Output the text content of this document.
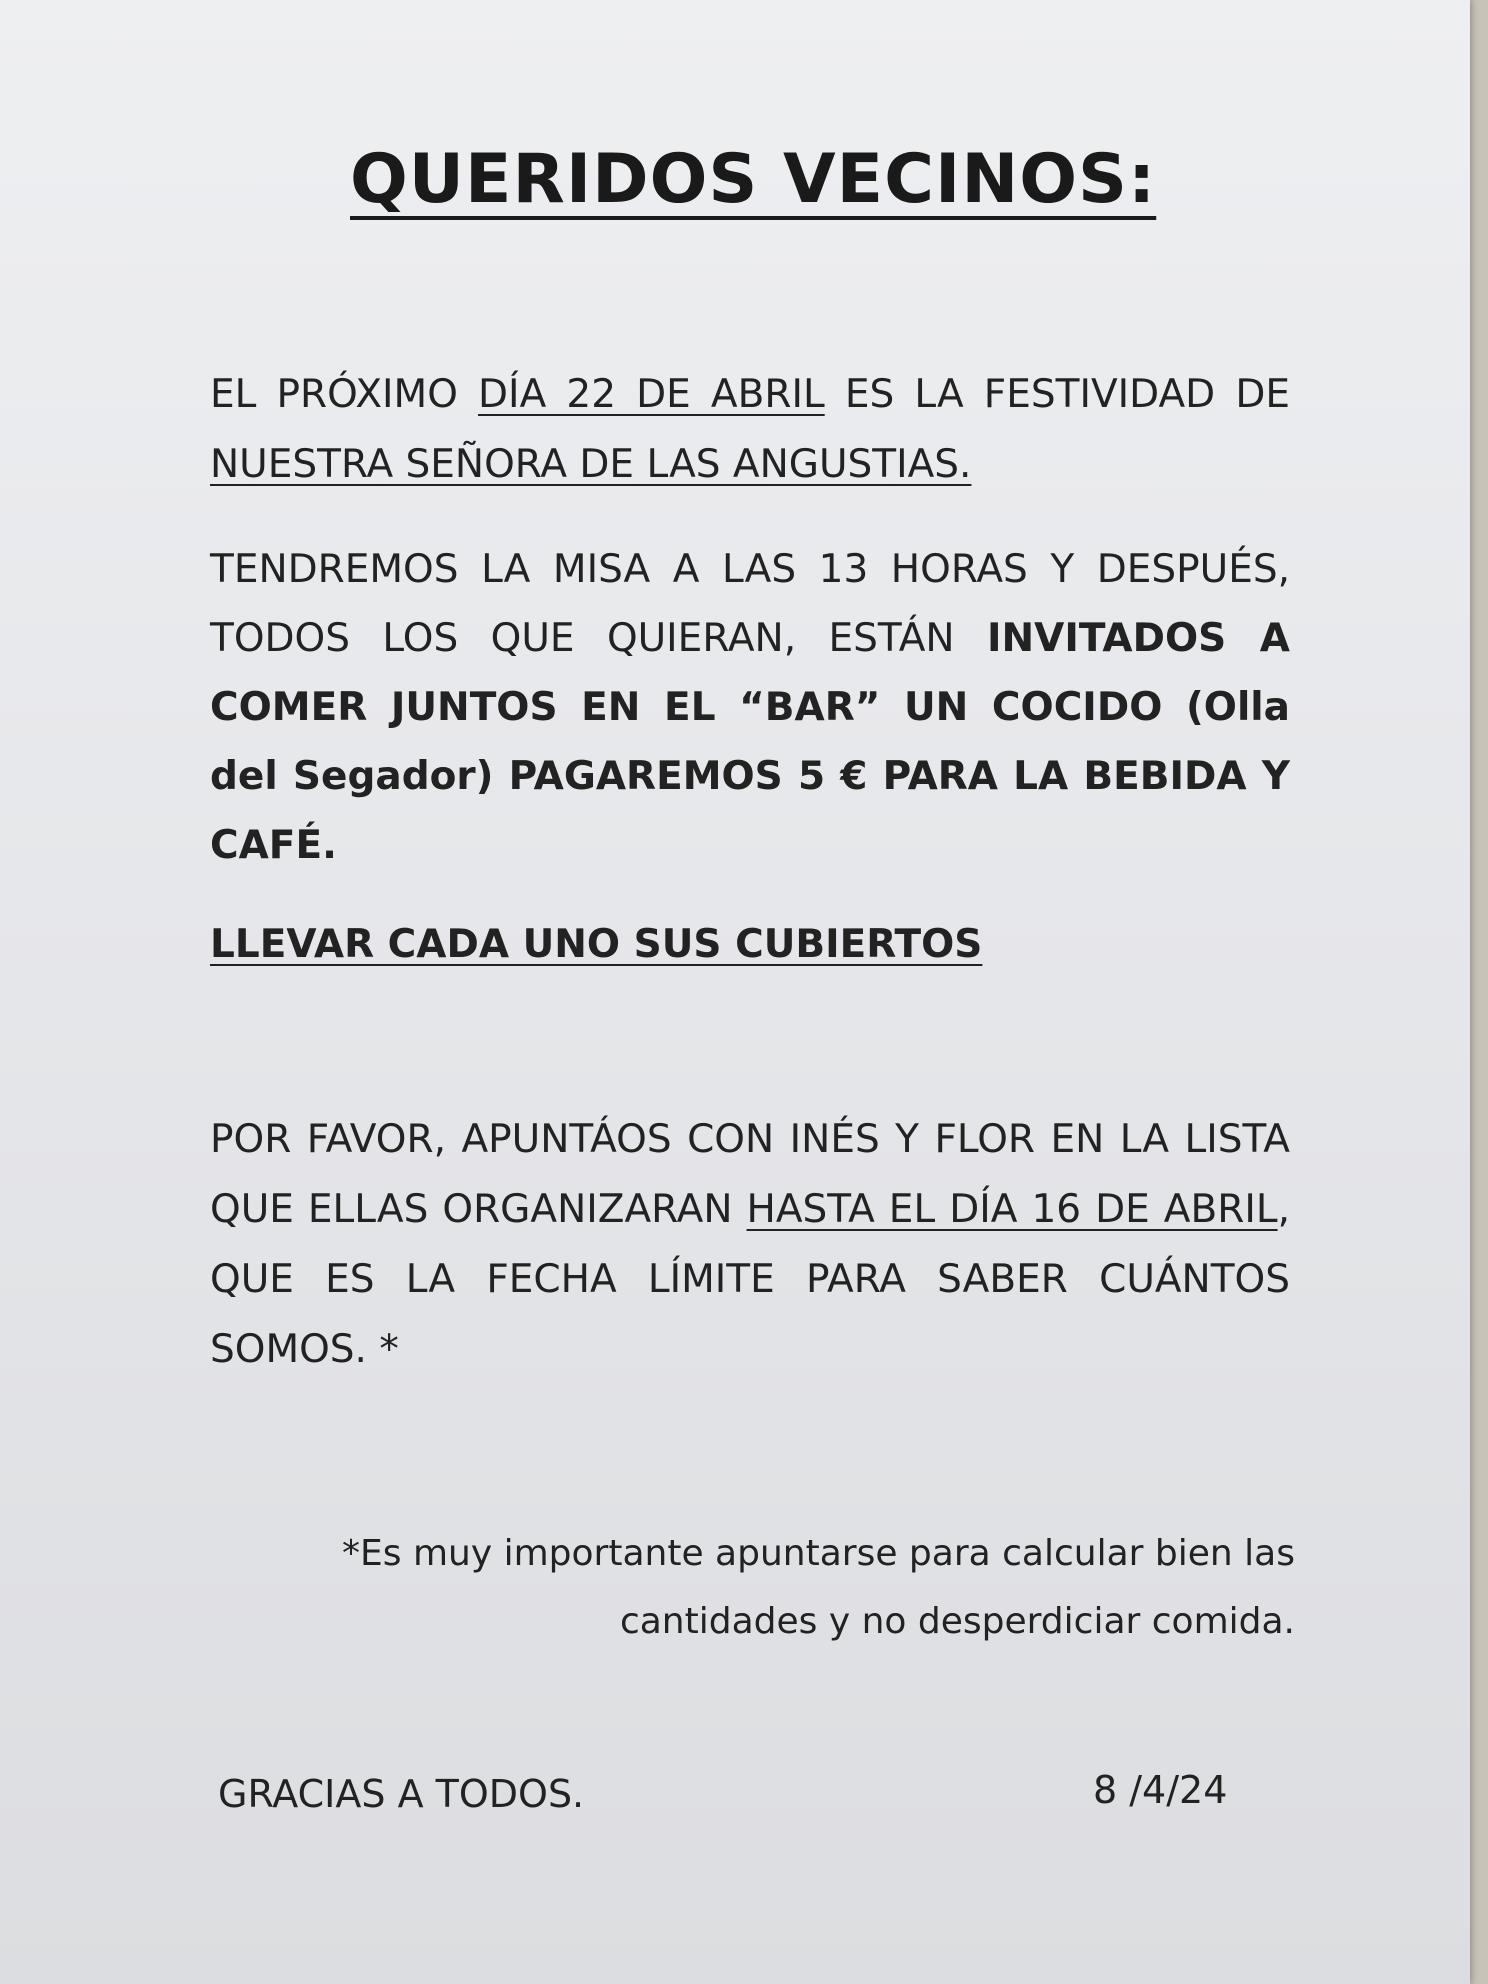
QUERIDOS VECINOS:
EL PRÓXIMO DÍA 22 DE ABRIL ES LA FESTIVIDAD DE NUESTRA SEÑORA DE LAS ANGUSTIAS.
TENDREMOS LA MISA A LAS 13 HORAS Y DESPUÉS, TODOS LOS QUE QUIERAN, ESTÁN INVITADOS A COMER JUNTOS EN EL “BAR” UN COCIDO (Olla del Segador) PAGAREMOS 5 € PARA LA BEBIDA Y CAFÉ.
LLEVAR CADA UNO SUS CUBIERTOS
POR FAVOR, APUNTÁOS CON INÉS Y FLOR EN LA LISTA QUE ELLAS ORGANIZARAN HASTA EL DÍA 16 DE ABRIL, QUE ES LA FECHA LÍMITE PARA SABER CUÁNTOS SOMOS. *
*Es muy importante apuntarse para calcular bien las
cantidades y no desperdiciar comida.
GRACIAS A TODOS.	8 /4/24
